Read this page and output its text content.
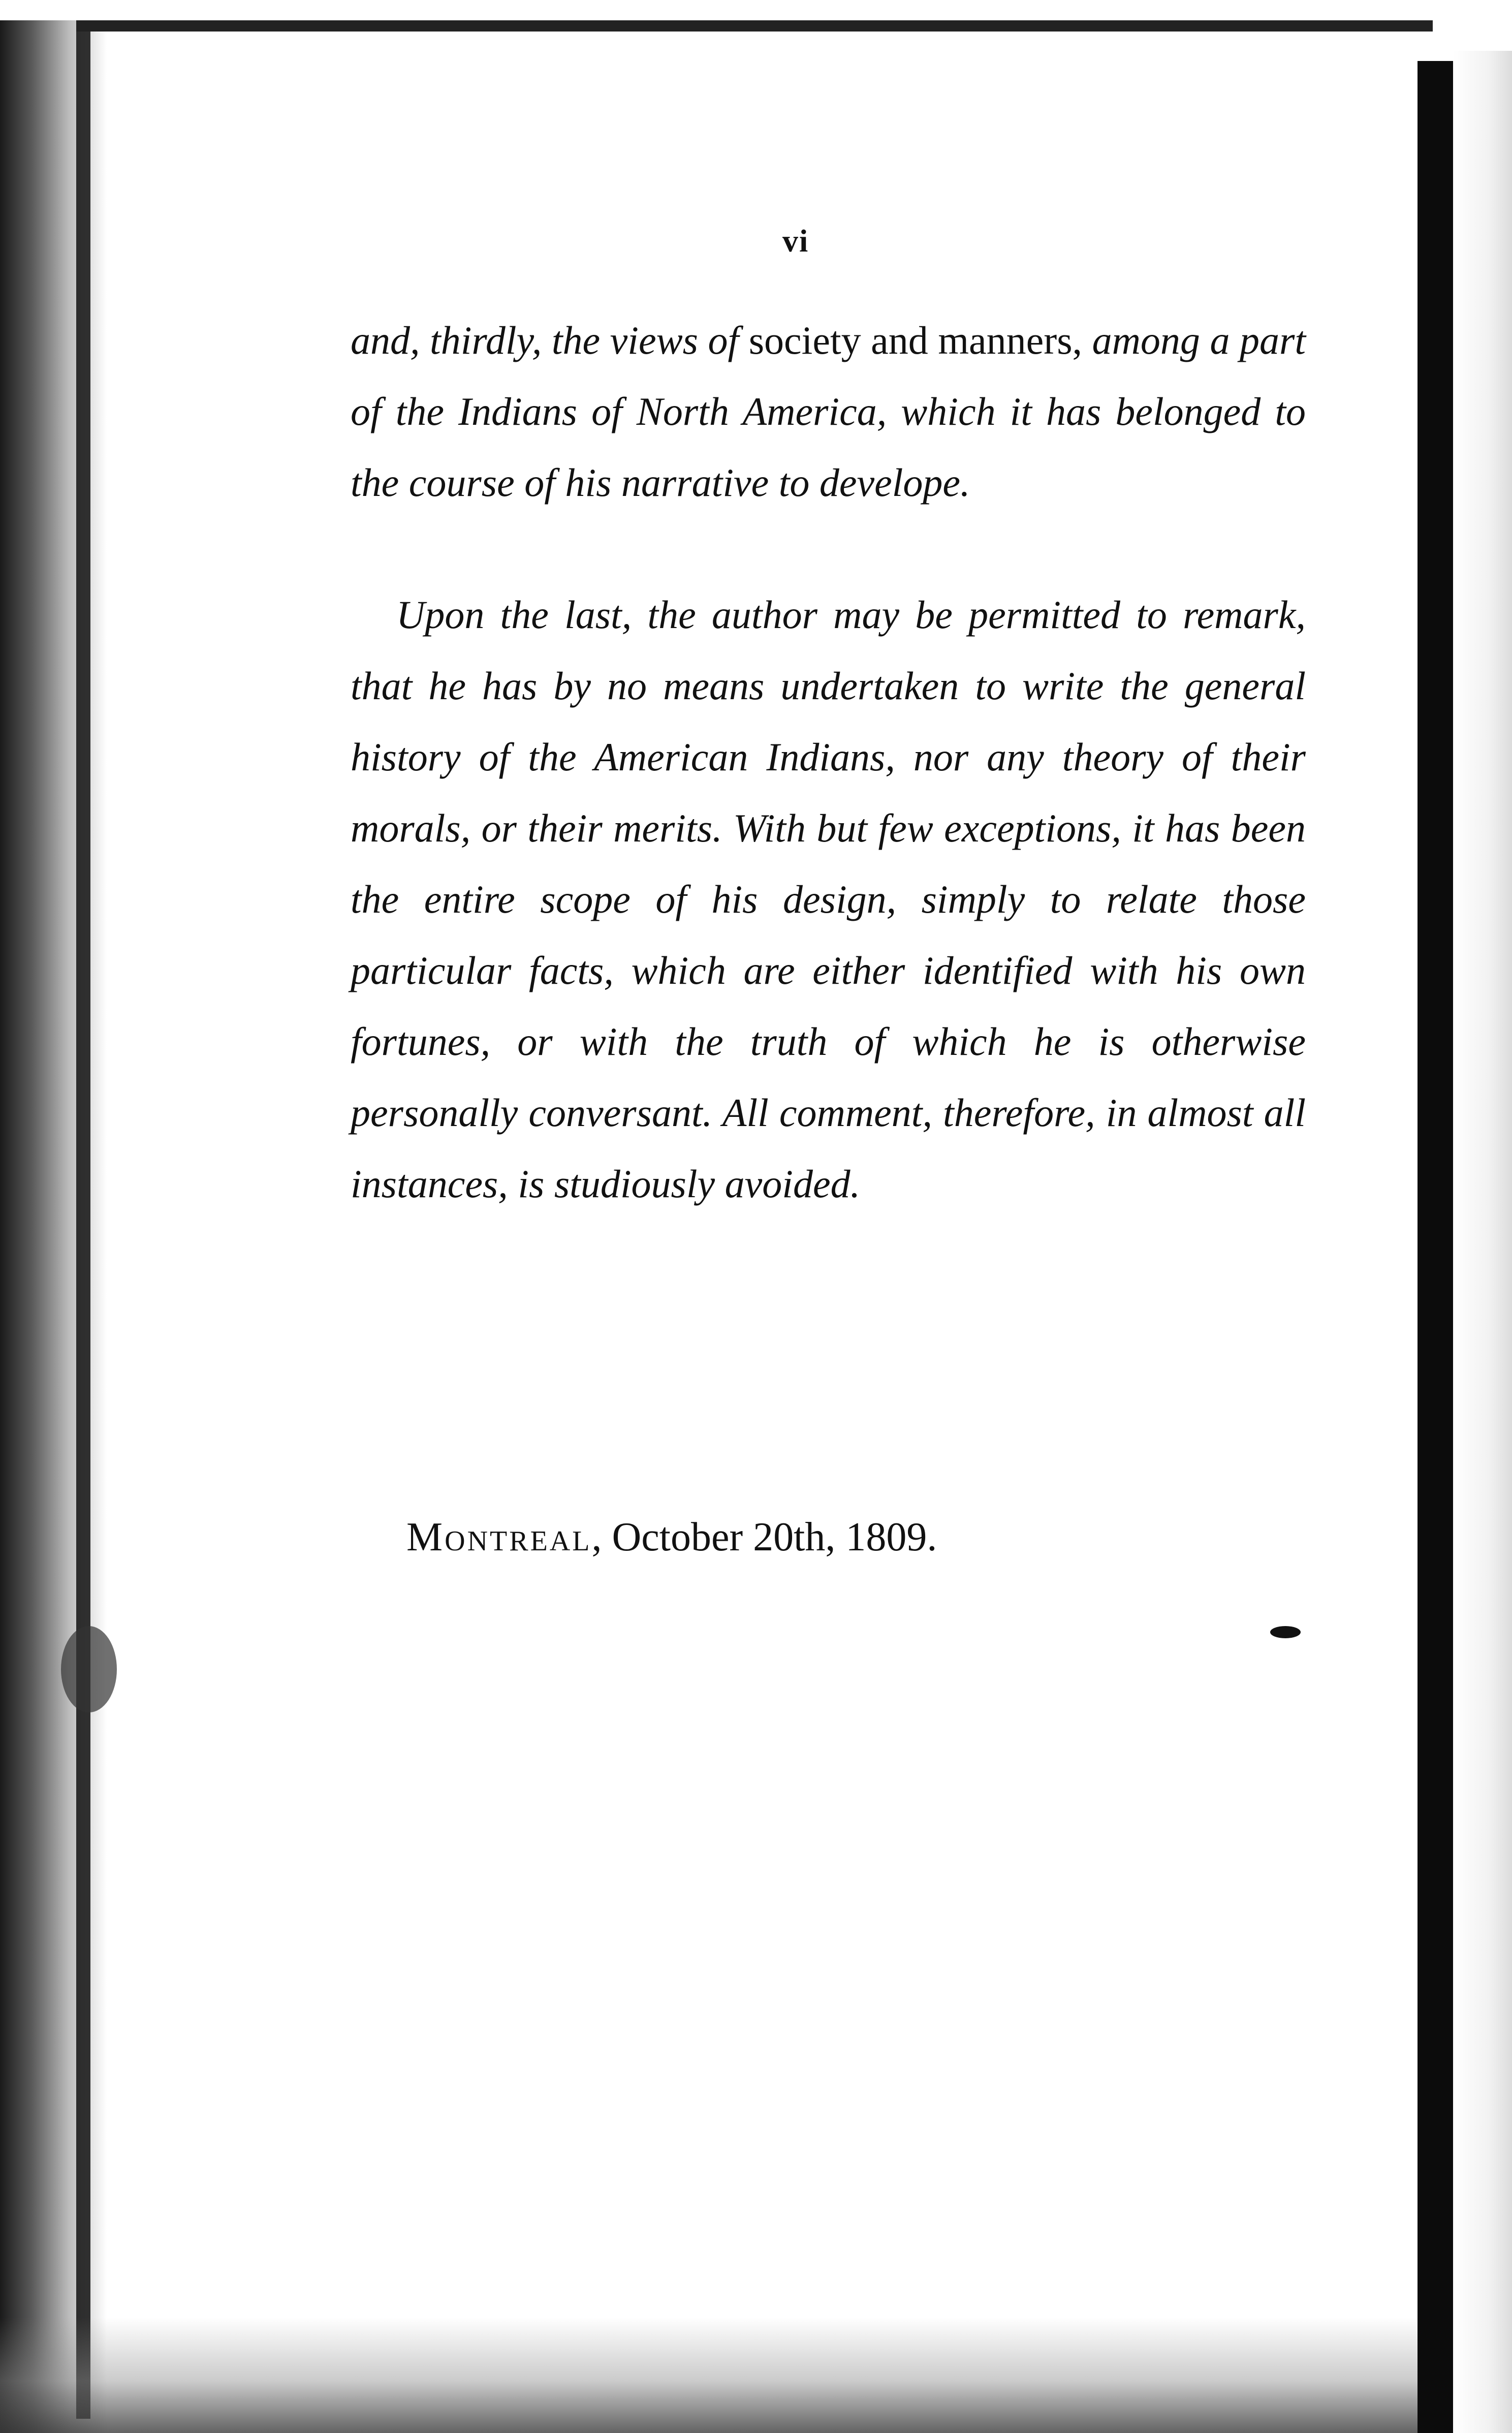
vi

and, thirdly, the views of society and manners, among a part of the Indians of North America, which it has belonged to the course of his narrative to develope.

Upon the last, the author may be permitted to remark, that he has by no means undertaken to write the general history of the American Indians, nor any theory of their morals, or their merits. With but few exceptions, it has been the entire scope of his design, simply to relate those particular facts, which are either identified with his own fortunes, or with the truth of which he is otherwise personally conversant. All comment, therefore, in almost all instances, is studiously avoided.

Montreal, October 20th, 1809.
